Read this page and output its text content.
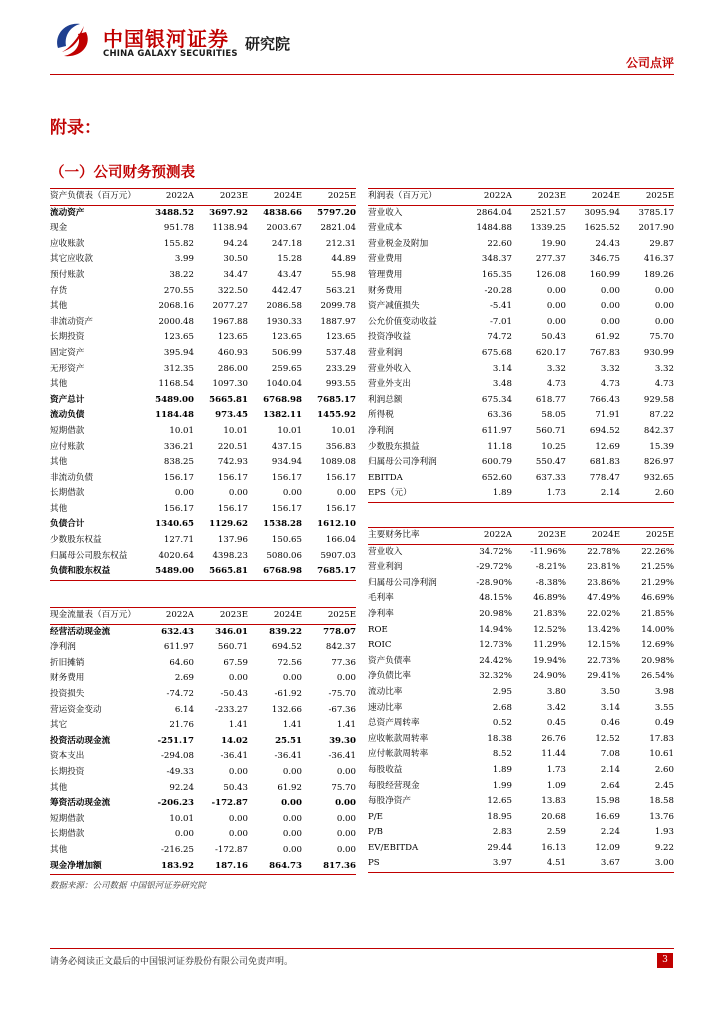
中国银河证券
CHINA GALAXY SECURITIES
研究院
公司点评
附录：
（一）公司财务预测表
资产负债表（百万元）	2022A	2023E	2024E	2025E
流动资产	3488.52	3697.92	4838.66	5797.20
现金	951.78	1138.94	2003.67	2821.04
应收账款	155.82	94.24	247.18	212.31
其它应收款	3.99	30.50	15.28	44.89
预付账款	38.22	34.47	43.47	55.98
存货	270.55	322.50	442.47	563.21
其他	2068.16	2077.27	2086.58	2099.78
非流动资产	2000.48	1967.88	1930.33	1887.97
长期投资	123.65	123.65	123.65	123.65
固定资产	395.94	460.93	506.99	537.48
无形资产	312.35	286.00	259.65	233.29
其他	1168.54	1097.30	1040.04	993.55
资产总计	5489.00	5665.81	6768.98	7685.17
流动负债	1184.48	973.45	1382.11	1455.92
短期借款	10.01	10.01	10.01	10.01
应付账款	336.21	220.51	437.15	356.83
其他	838.25	742.93	934.94	1089.08
非流动负债	156.17	156.17	156.17	156.17
长期借款	0.00	0.00	0.00	0.00
其他	156.17	156.17	156.17	156.17
负债合计	1340.65	1129.62	1538.28	1612.10
少数股东权益	127.71	137.96	150.65	166.04
归属母公司股东权益	4020.64	4398.23	5080.06	5907.03
负债和股东权益	5489.00	5665.81	6768.98	7685.17
利润表（百万元）	2022A	2023E	2024E	2025E
营业收入	2864.04	2521.57	3095.94	3785.17
营业成本	1484.88	1339.25	1625.52	2017.90
营业税金及附加	22.60	19.90	24.43	29.87
营业费用	348.37	277.37	346.75	416.37
管理费用	165.35	126.08	160.99	189.26
财务费用	-20.28	0.00	0.00	0.00
资产减值损失	-5.41	0.00	0.00	0.00
公允价值变动收益	-7.01	0.00	0.00	0.00
投资净收益	74.72	50.43	61.92	75.70
营业利润	675.68	620.17	767.83	930.99
营业外收入	3.14	3.32	3.32	3.32
营业外支出	3.48	4.73	4.73	4.73
利润总额	675.34	618.77	766.43	929.58
所得税	63.36	58.05	71.91	87.22
净利润	611.97	560.71	694.52	842.37
少数股东损益	11.18	10.25	12.69	15.39
归属母公司净利润	600.79	550.47	681.83	826.97
EBITDA	652.60	637.33	778.47	932.65
EPS（元）	1.89	1.73	2.14	2.60
现金流量表（百万元）	2022A	2023E	2024E	2025E
经营活动现金流	632.43	346.01	839.22	778.07
净利润	611.97	560.71	694.52	842.37
折旧摊销	64.60	67.59	72.56	77.36
财务费用	2.69	0.00	0.00	0.00
投资损失	-74.72	-50.43	-61.92	-75.70
营运资金变动	6.14	-233.27	132.66	-67.36
其它	21.76	1.41	1.41	1.41
投资活动现金流	-251.17	14.02	25.51	39.30
资本支出	-294.08	-36.41	-36.41	-36.41
长期投资	-49.33	0.00	0.00	0.00
其他	92.24	50.43	61.92	75.70
筹资活动现金流	-206.23	-172.87	0.00	0.00
短期借款	10.01	0.00	0.00	0.00
长期借款	0.00	0.00	0.00	0.00
其他	-216.25	-172.87	0.00	0.00
现金净增加额	183.92	187.16	864.73	817.36
主要财务比率	2022A	2023E	2024E	2025E
营业收入	34.72%	-11.96%	22.78%	22.26%
营业利润	-29.72%	-8.21%	23.81%	21.25%
归属母公司净利润	-28.90%	-8.38%	23.86%	21.29%
毛利率	48.15%	46.89%	47.49%	46.69%
净利率	20.98%	21.83%	22.02%	21.85%
ROE	14.94%	12.52%	13.42%	14.00%
ROIC	12.73%	11.29%	12.15%	12.69%
资产负债率	24.42%	19.94%	22.73%	20.98%
净负债比率	32.32%	24.90%	29.41%	26.54%
流动比率	2.95	3.80	3.50	3.98
速动比率	2.68	3.42	3.14	3.55
总资产周转率	0.52	0.45	0.46	0.49
应收帐款周转率	18.38	26.76	12.52	17.83
应付帐款周转率	8.52	11.44	7.08	10.61
每股收益	1.89	1.73	2.14	2.60
每股经营现金	1.99	1.09	2.64	2.45
每股净资产	12.65	13.83	15.98	18.58
P/E	18.95	20.68	16.69	13.76
P/B	2.83	2.59	2.24	1.93
EV/EBITDA	29.44	16.13	12.09	9.22
PS	3.97	4.51	3.67	3.00
数据来源：公司数据 中国银河证券研究院
请务必阅读正文最后的中国银河证券股份有限公司免责声明。	3
